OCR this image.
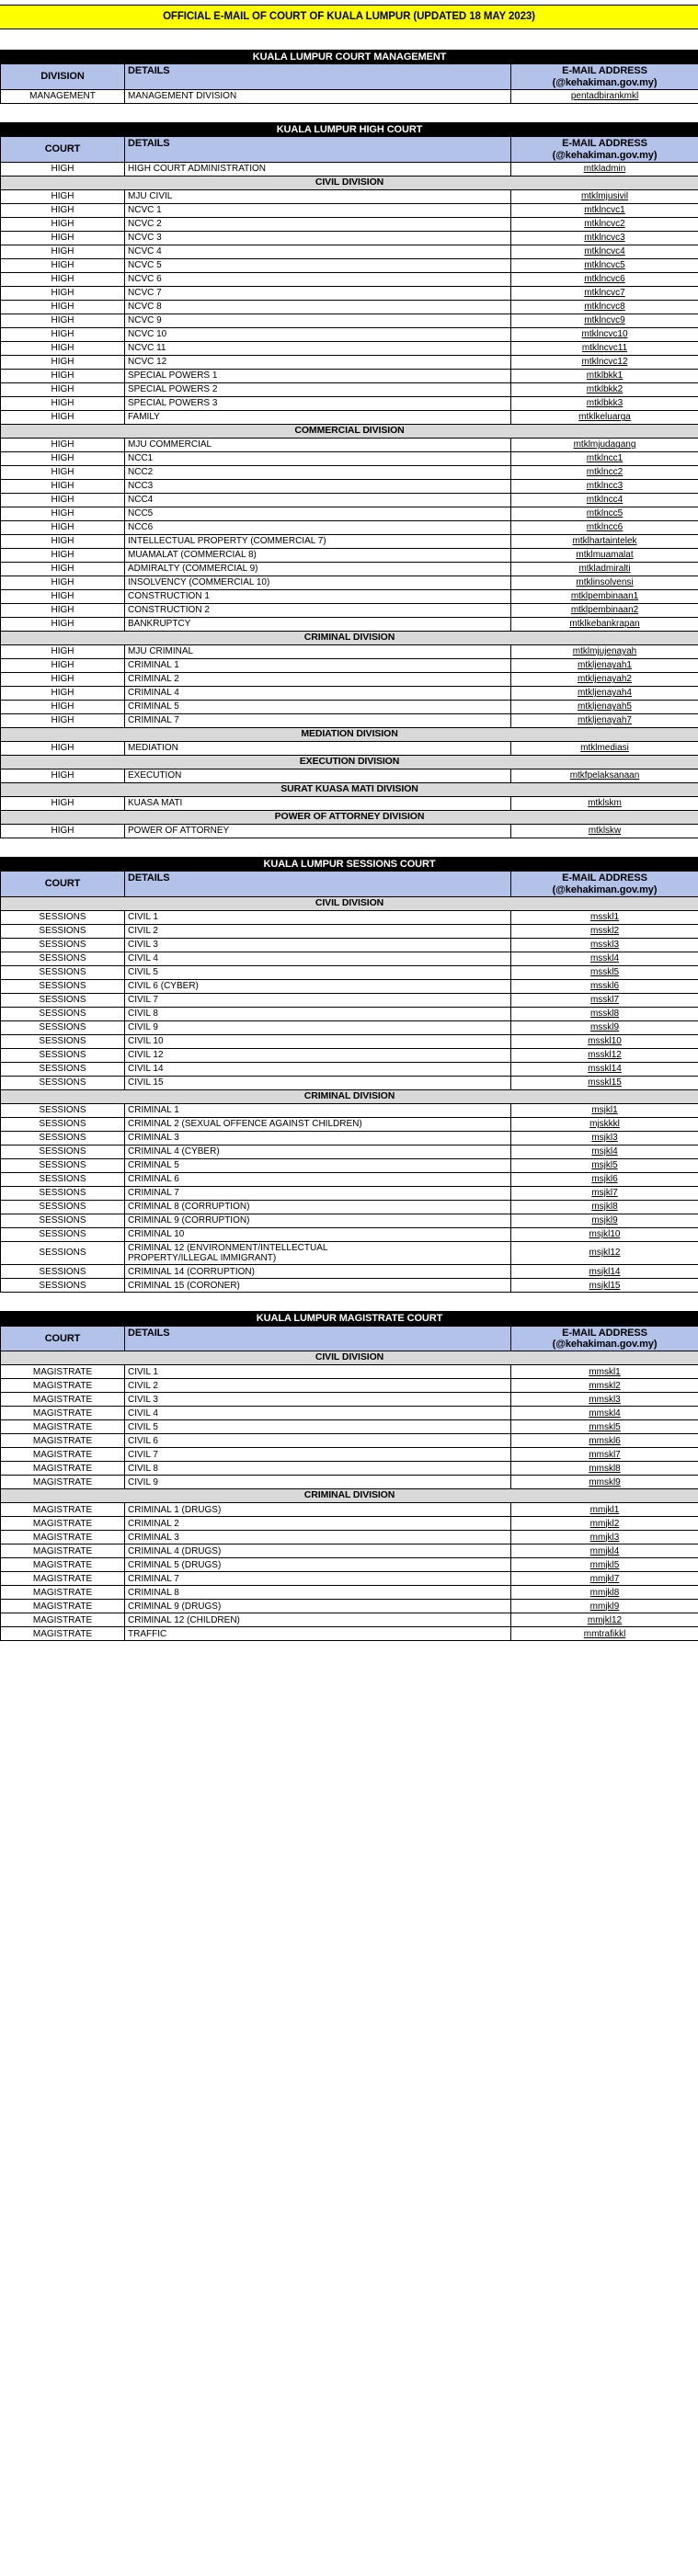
OFFICIAL E-MAIL OF COURT OF KUALA LUMPUR (UPDATED 18 MAY 2023)
KUALA LUMPUR COURT MANAGEMENT		
DIVISION	DETAILS	E-MAIL ADDRESS
(@kehakiman.gov.my)

MANAGEMENT	MANAGEMENT DIVISION	pentadbirankmkl
KUALA LUMPUR HIGH COURT		
COURT	DETAILS	E-MAIL ADDRESS
(@kehakiman.gov.my)

HIGH	HIGH COURT ADMINISTRATION	mtkladmin
CIVIL DIVISION		
HIGH	MJU CIVIL	mtklmjusivil
HIGH	NCVC 1	mtklncvc1
HIGH	NCVC 2	mtklncvc2
HIGH	NCVC 3	mtklncvc3
HIGH	NCVC 4	mtklncvc4
HIGH	NCVC 5	mtklncvc5
HIGH	NCVC 6	mtklncvc6
HIGH	NCVC 7	mtklncvc7
HIGH	NCVC 8	mtklncvc8
HIGH	NCVC 9	mtklncvc9
HIGH	NCVC 10	mtklncvc10
HIGH	NCVC 11	mtklncvc11
HIGH	NCVC 12	mtklncvc12
HIGH	SPECIAL POWERS 1	mtklbkk1
HIGH	SPECIAL POWERS 2	mtklbkk2
HIGH	SPECIAL POWERS 3	mtklbkk3
HIGH	FAMILY	mtklkeluarga
COMMERCIAL DIVISION		
HIGH	MJU COMMERCIAL	mtklmjudagang
HIGH	NCC1	mtklncc1
HIGH	NCC2	mtklncc2
HIGH	NCC3	mtklncc3
HIGH	NCC4	mtklncc4
HIGH	NCC5	mtklncc5
HIGH	NCC6	mtklncc6
HIGH	INTELLECTUAL PROPERTY (COMMERCIAL 7)	mtklhartaintelek
HIGH	MUAMALAT (COMMERCIAL 8)	mtklmuamalat
HIGH	ADMIRALTY (COMMERCIAL 9)	mtkladmiralti
HIGH	INSOLVENCY (COMMERCIAL 10)	mtklinsolvensi
HIGH	CONSTRUCTION 1	mtklpembinaan1
HIGH	CONSTRUCTION 2	mtklpembinaan2
HIGH	BANKRUPTCY	mtklkebankrapan
CRIMINAL DIVISION		
HIGH	MJU CRIMINAL	mtklmjujenayah
HIGH	CRIMINAL 1	mtkljenayah1
HIGH	CRIMINAL 2	mtkljenayah2
HIGH	CRIMINAL 4	mtkljenayah4
HIGH	CRIMINAL 5	mtkljenayah5
HIGH	CRIMINAL 7	mtkljenayah7
MEDIATION DIVISION		
HIGH	MEDIATION	mtklmediasi
EXECUTION DIVISION		
HIGH	EXECUTION	mtkfpelaksanaan
SURAT KUASA MATI DIVISION		
HIGH	KUASA MATI	mtklskm
POWER OF ATTORNEY DIVISION		
HIGH	POWER OF ATTORNEY	mtklskw
KUALA LUMPUR SESSIONS COURT		
COURT	DETAILS	E-MAIL ADDRESS
(@kehakiman.gov.my)

CIVIL DIVISION		
SESSIONS	CIVIL 1	msskl1
SESSIONS	CIVIL 2	msskl2
SESSIONS	CIVIL 3	msskl3
SESSIONS	CIVIL 4	msskl4
SESSIONS	CIVIL 5	msskl5
SESSIONS	CIVIL 6 (CYBER)	msskl6
SESSIONS	CIVIL 7	msskl7
SESSIONS	CIVIL 8	msskl8
SESSIONS	CIVIL 9	msskl9
SESSIONS	CIVIL 10	msskl10
SESSIONS	CIVIL 12	msskl12
SESSIONS	CIVIL 14	msskl14
SESSIONS	CIVIL 15	msskl15
CRIMINAL DIVISION		
SESSIONS	CRIMINAL 1	msjkl1
SESSIONS	CRIMINAL 2 (SEXUAL OFFENCE AGAINST CHILDREN)	mjskkkl
SESSIONS	CRIMINAL 3	msjkl3
SESSIONS	CRIMINAL 4 (CYBER)	msjkl4
SESSIONS	CRIMINAL 5	msjkl5
SESSIONS	CRIMINAL 6	msjkl6
SESSIONS	CRIMINAL 7	msjkl7
SESSIONS	CRIMINAL 8 (CORRUPTION)	msjkl8
SESSIONS	CRIMINAL 9 (CORRUPTION)	msjkl9
SESSIONS	CRIMINAL 10	msjkl10
SESSIONS	CRIMINAL 12 (ENVIRONMENT/INTELLECTUAL
PROPERTY/ILLEGAL IMMIGRANT)	msjkl12
SESSIONS	CRIMINAL 14 (CORRUPTION)	msjkl14
SESSIONS	CRIMINAL 15 (CORONER)	msjkl15
KUALA LUMPUR MAGISTRATE COURT		
COURT	DETAILS	E-MAIL ADDRESS
(@kehakiman.gov.my)

CIVIL DIVISION		
MAGISTRATE	CIVIL 1	mmskl1
MAGISTRATE	CIVIL 2	mmskl2
MAGISTRATE	CIVIL 3	mmskl3
MAGISTRATE	CIVIL 4	mmskl4
MAGISTRATE	CIVIL 5	mmskl5
MAGISTRATE	CIVIL 6	mmskl6
MAGISTRATE	CIVIL 7	mmskl7
MAGISTRATE	CIVIL 8	mmskl8
MAGISTRATE	CIVIL 9	mmskl9
CRIMINAL DIVISION		
MAGISTRATE	CRIMINAL 1 (DRUGS)	mmjkl1
MAGISTRATE	CRIMINAL 2	mmjkl2
MAGISTRATE	CRIMINAL 3	mmjkl3
MAGISTRATE	CRIMINAL 4 (DRUGS)	mmjkl4
MAGISTRATE	CRIMINAL 5 (DRUGS)	mmjkl5
MAGISTRATE	CRIMINAL 7	mmjkl7
MAGISTRATE	CRIMINAL 8	mmjkl8
MAGISTRATE	CRIMINAL 9 (DRUGS)	mmjkl9
MAGISTRATE	CRIMINAL 12 (CHILDREN)	mmjkl12
MAGISTRATE	TRAFFIC	mmtrafikkl
